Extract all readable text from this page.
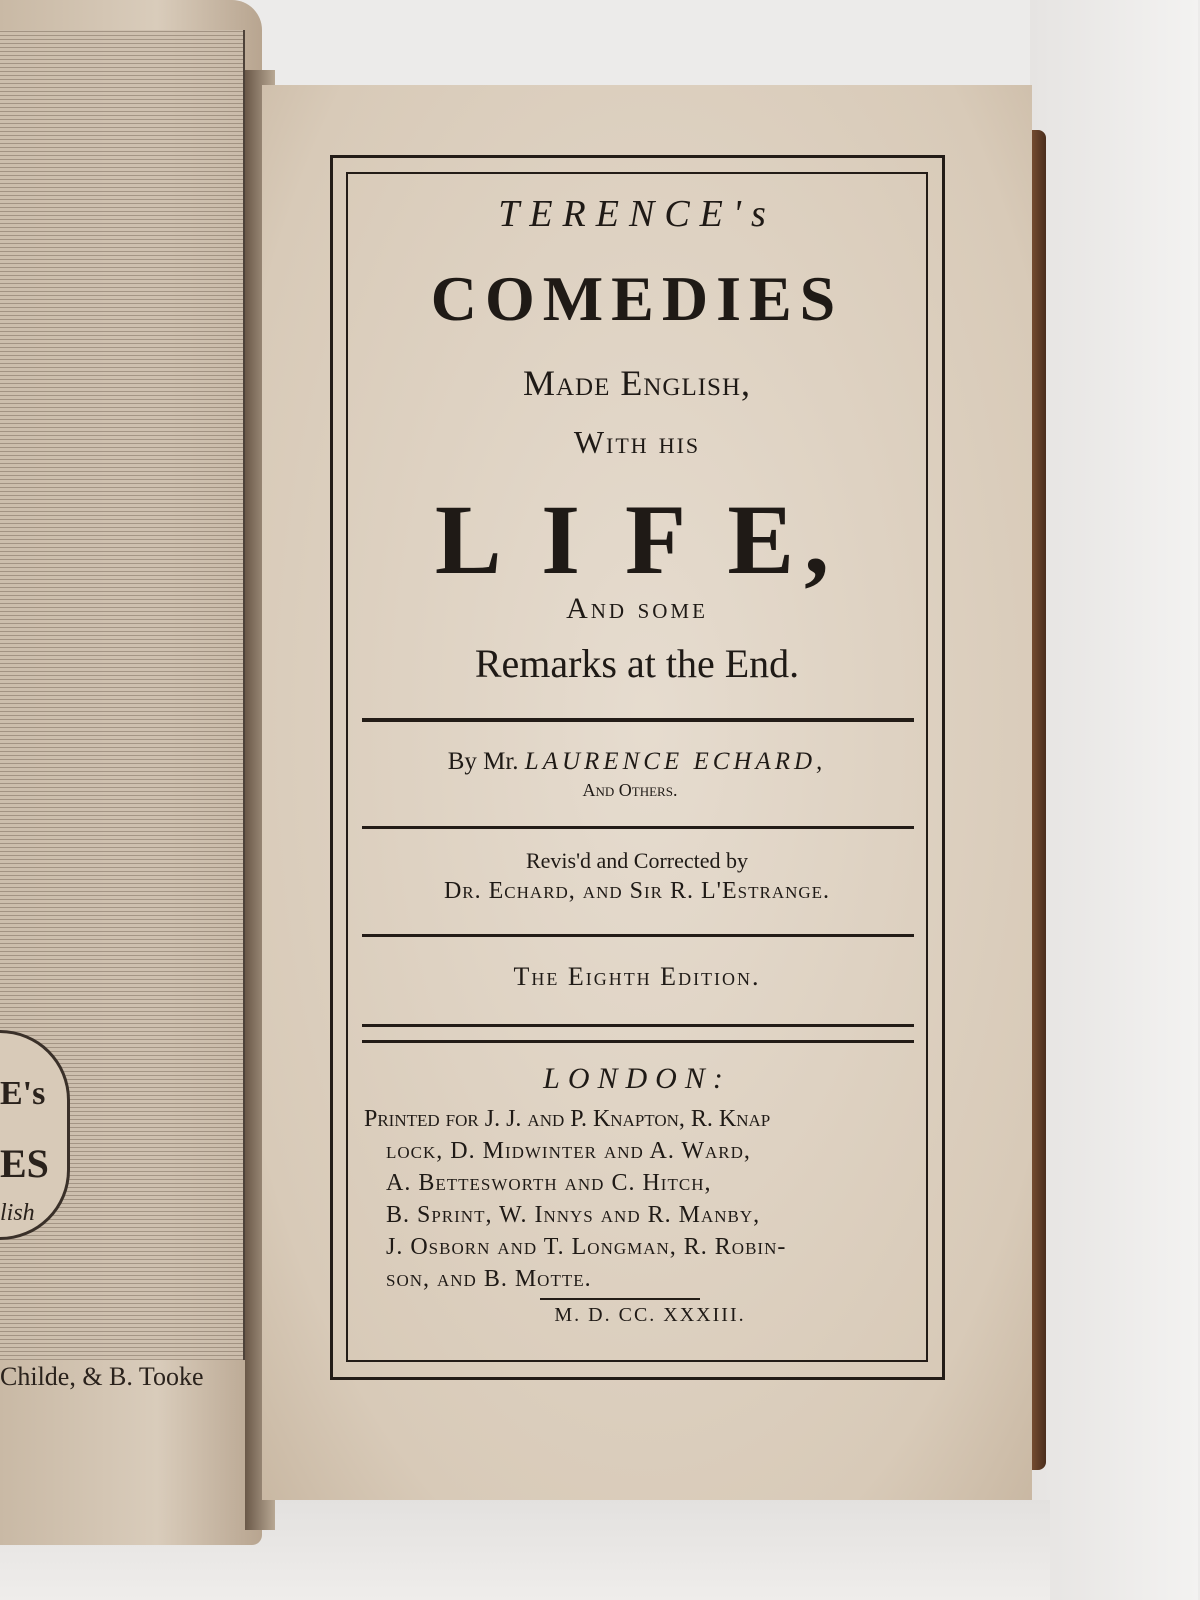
E's
ES
lish
Childe, & B. Tooke
TERENCE's
COMEDIES
Made English,
With his
L I F E,
And some
Remarks at the End.
By Mr. LAURENCE ECHARD,
And Others.
Revis'd and Corrected by
Dr. Echard, and Sir R. L'Estrange.
The Eighth Edition.
LONDON:
Printed for J. J. and P. Knapton, R. Knap
lock, D. Midwinter and A. Ward,
A. Betteswort​h and C. Hitch,
B. Sprint, W. Innys and R. Manby,
J. Osborn and T. Longman, R. Robin-
son, and B. Motte.
M. D. CC. XXXIII.
